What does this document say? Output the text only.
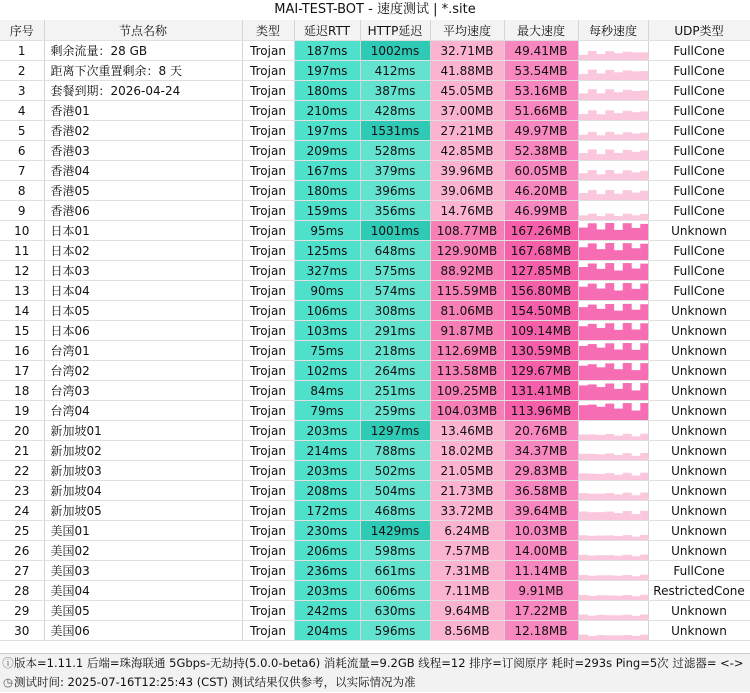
MAI-TEST-BOT - 速度测试 | *.site
序号	节点名称	类型	延迟RTT	HTTP延迟	平均速度	最大速度	每秒速度	UDP类型
1	剩余流量：28 GB	Trojan	187ms	1002ms	32.71MB	49.41MB		FullCone
2	距离下次重置剩余：8 天	Trojan	197ms	412ms	41.88MB	53.54MB		FullCone
3	套餐到期：2026-04-24	Trojan	180ms	387ms	45.05MB	53.16MB		FullCone
4	香港01	Trojan	210ms	428ms	37.00MB	51.66MB		FullCone
5	香港02	Trojan	197ms	1531ms	27.21MB	49.97MB		FullCone
6	香港03	Trojan	209ms	528ms	42.85MB	52.38MB		FullCone
7	香港04	Trojan	167ms	379ms	39.96MB	60.05MB		FullCone
8	香港05	Trojan	180ms	396ms	39.06MB	46.20MB		FullCone
9	香港06	Trojan	159ms	356ms	14.76MB	46.99MB		FullCone
10	日本01	Trojan	95ms	1001ms	108.77MB	167.26MB		Unknown
11	日本02	Trojan	125ms	648ms	129.90MB	167.68MB		FullCone
12	日本03	Trojan	327ms	575ms	88.92MB	127.85MB		FullCone
13	日本04	Trojan	90ms	574ms	115.59MB	156.80MB		FullCone
14	日本05	Trojan	106ms	308ms	81.06MB	154.50MB		Unknown
15	日本06	Trojan	103ms	291ms	91.87MB	109.14MB		Unknown
16	台湾01	Trojan	75ms	218ms	112.69MB	130.59MB		Unknown
17	台湾02	Trojan	102ms	264ms	113.58MB	129.67MB		Unknown
18	台湾03	Trojan	84ms	251ms	109.25MB	131.41MB		Unknown
19	台湾04	Trojan	79ms	259ms	104.03MB	113.96MB		Unknown
20	新加坡01	Trojan	203ms	1297ms	13.46MB	20.76MB		Unknown
21	新加坡02	Trojan	214ms	788ms	18.02MB	34.37MB		Unknown
22	新加坡03	Trojan	203ms	502ms	21.05MB	29.83MB		Unknown
23	新加坡04	Trojan	208ms	504ms	21.73MB	36.58MB		Unknown
24	新加坡05	Trojan	172ms	468ms	33.72MB	39.64MB		Unknown
25	美国01	Trojan	230ms	1429ms	6.24MB	10.03MB		Unknown
26	美国02	Trojan	206ms	598ms	7.57MB	14.00MB		Unknown
27	美国03	Trojan	236ms	661ms	7.31MB	11.14MB		FullCone
28	美国04	Trojan	203ms	606ms	7.11MB	9.91MB		RestrictedCone
29	美国05	Trojan	242ms	630ms	9.64MB	17.22MB		Unknown
30	美国06	Trojan	204ms	596ms	8.56MB	12.18MB		Unknown
ⓘ版本=1.11.1 后端=珠海联通 5Gbps-无劫持(5.0.0-beta6) 消耗流量=9.2GB 线程=12 排序=订阅原序 耗时=293s Ping=5次 过滤器= <->
◷测试时间: 2025-07-16T12:25:43 (CST) 测试结果仅供参考，以实际情况为准
